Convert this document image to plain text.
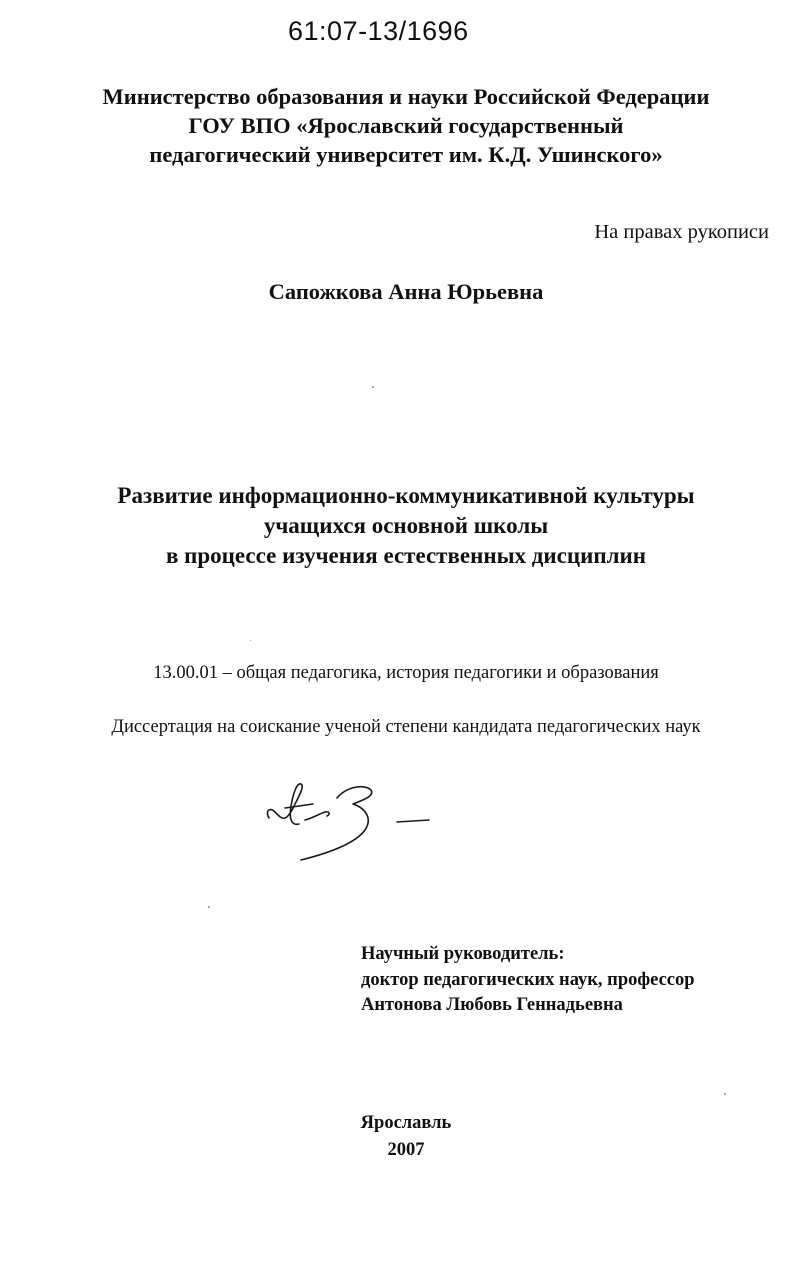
61:07-13/1696
Министерство образования и науки Российской Федерации
ГОУ ВПО «Ярославский государственный
педагогический университет им. К.Д. Ушинского»
На правах рукописи
Сапожкова Анна Юрьевна
Развитие информационно-коммуникативной культуры
учащихся основной школы
в процессе изучения естественных дисциплин
13.00.01 – общая педагогика, история педагогики и образования
Диссертация на соискание ученой степени кандидата педагогических наук
Научный руководитель:
доктор педагогических наук, профессор
Антонова Любовь Геннадьевна
Ярославль
2007
